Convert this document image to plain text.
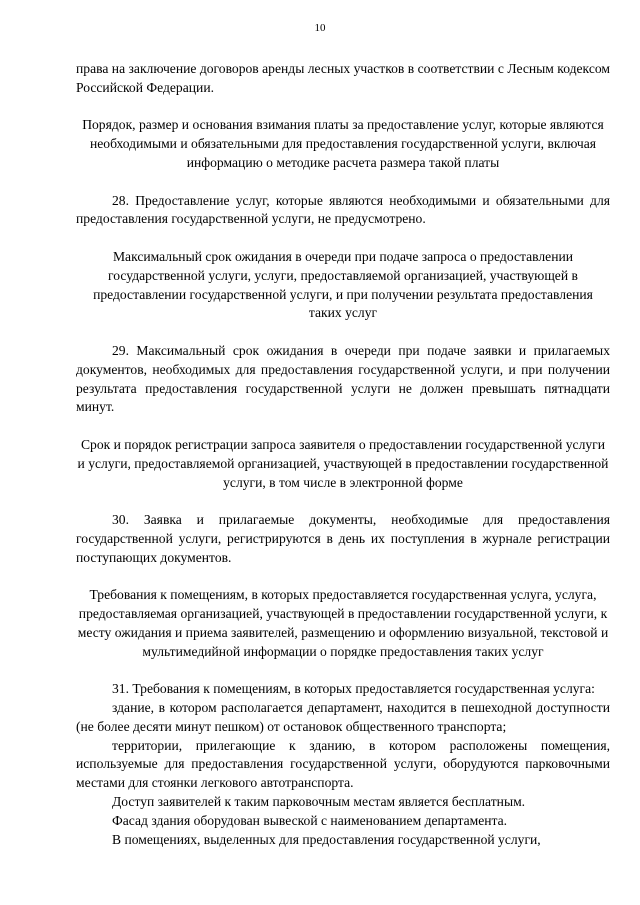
10

права на заключение договоров аренды лесных участков в соответствии с Лесным кодексом Российской Федерации.

Порядок, размер и основания взимания платы за предоставление услуг, которые являются необходимыми и обязательными для предоставления государственной услуги, включая информацию о методике расчета размера такой платы

28. Предоставление услуг, которые являются необходимыми и обязательными для предоставления государственной услуги, не предусмотрено.

Максимальный срок ожидания в очереди при подаче запроса о предоставлении государственной услуги, услуги, предоставляемой организацией, участвующей в предоставлении государственной услуги, и при получении результата предоставления таких услуг

29. Максимальный срок ожидания в очереди при подаче заявки и прилагаемых документов, необходимых для предоставления государственной услуги, и при получении результата предоставления государственной услуги не должен превышать пятнадцати минут.

Срок и порядок регистрации запроса заявителя о предоставлении государственной услуги и услуги, предоставляемой организацией, участвующей в предоставлении государственной услуги, в том числе в электронной форме

30. Заявка и прилагаемые документы, необходимые для предоставления государственной услуги, регистрируются в день их поступления в журнале регистрации поступающих документов.

Требования к помещениям, в которых предоставляется государственная услуга, услуга, предоставляемая организацией, участвующей в предоставлении государственной услуги, к месту ожидания и приема заявителей, размещению и оформлению визуальной, текстовой и мультимедийной информации о порядке предоставления таких услуг

31. Требования к помещениям, в которых предоставляется государственная услуга:

здание, в котором располагается департамент, находится в пешеходной доступности (не более десяти минут пешком) от остановок общественного транспорта;

территории, прилегающие к зданию, в котором расположены помещения, используемые для предоставления государственной услуги, оборудуются парковочными местами для стоянки легкового автотранспорта.

Доступ заявителей к таким парковочным местам является бесплатным.

Фасад здания оборудован вывеской с наименованием департамента.

В помещениях, выделенных для предоставления государственной услуги,
